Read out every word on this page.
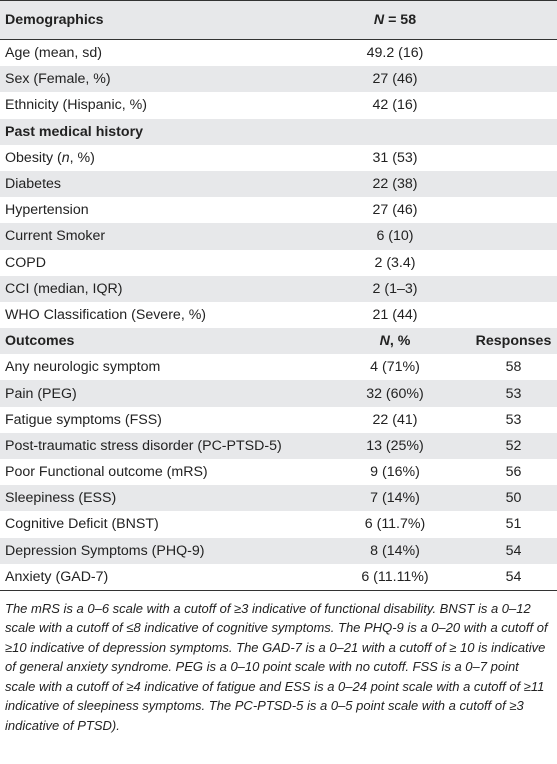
Demographics	N = 58	
Age (mean, sd)	49.2 (16)	
Sex (Female, %)	27 (46)	
Ethnicity (Hispanic, %)	42 (16)	
Past medical history		
Obesity (n, %)	31 (53)	
Diabetes	22 (38)	
Hypertension	27 (46)	
Current Smoker	6 (10)	
COPD	2 (3.4)	
CCI (median, IQR)	2 (1–3)	
WHO Classification (Severe, %)	21 (44)	
Outcomes	N, %	Responses
Any neurologic symptom	4 (71%)	58
Pain (PEG)	32 (60%)	53
Fatigue symptoms (FSS)	22 (41)	53
Post-traumatic stress disorder (PC-PTSD-5)	13 (25%)	52
Poor Functional outcome (mRS)	9 (16%)	56
Sleepiness (ESS)	7 (14%)	50
Cognitive Deficit (BNST)	6 (11.7%)	51
Depression Symptoms (PHQ-9)	8 (14%)	54
Anxiety (GAD-7)	6 (11.11%)	54

The mRS is a 0–6 scale with a cutoff of ≥3 indicative of functional disability. BNST is a 0–12 scale with a cutoff of ≤8 indicative of cognitive symptoms. The PHQ-9 is a 0–20 with a cutoff of ≥10 indicative of depression symptoms. The GAD-7 is a 0–21 with a cutoff of ≥ 10 is indicative of general anxiety syndrome. PEG is a 0–10 point scale with no cutoff. FSS is a 0–7 point scale with a cutoff of ≥4 indicative of fatigue and ESS is a 0–24 point scale with a cutoff of ≥11 indicative of sleepiness symptoms. The PC-PTSD-5 is a 0–5 point scale with a cutoff of ≥3 indicative of PTSD).
